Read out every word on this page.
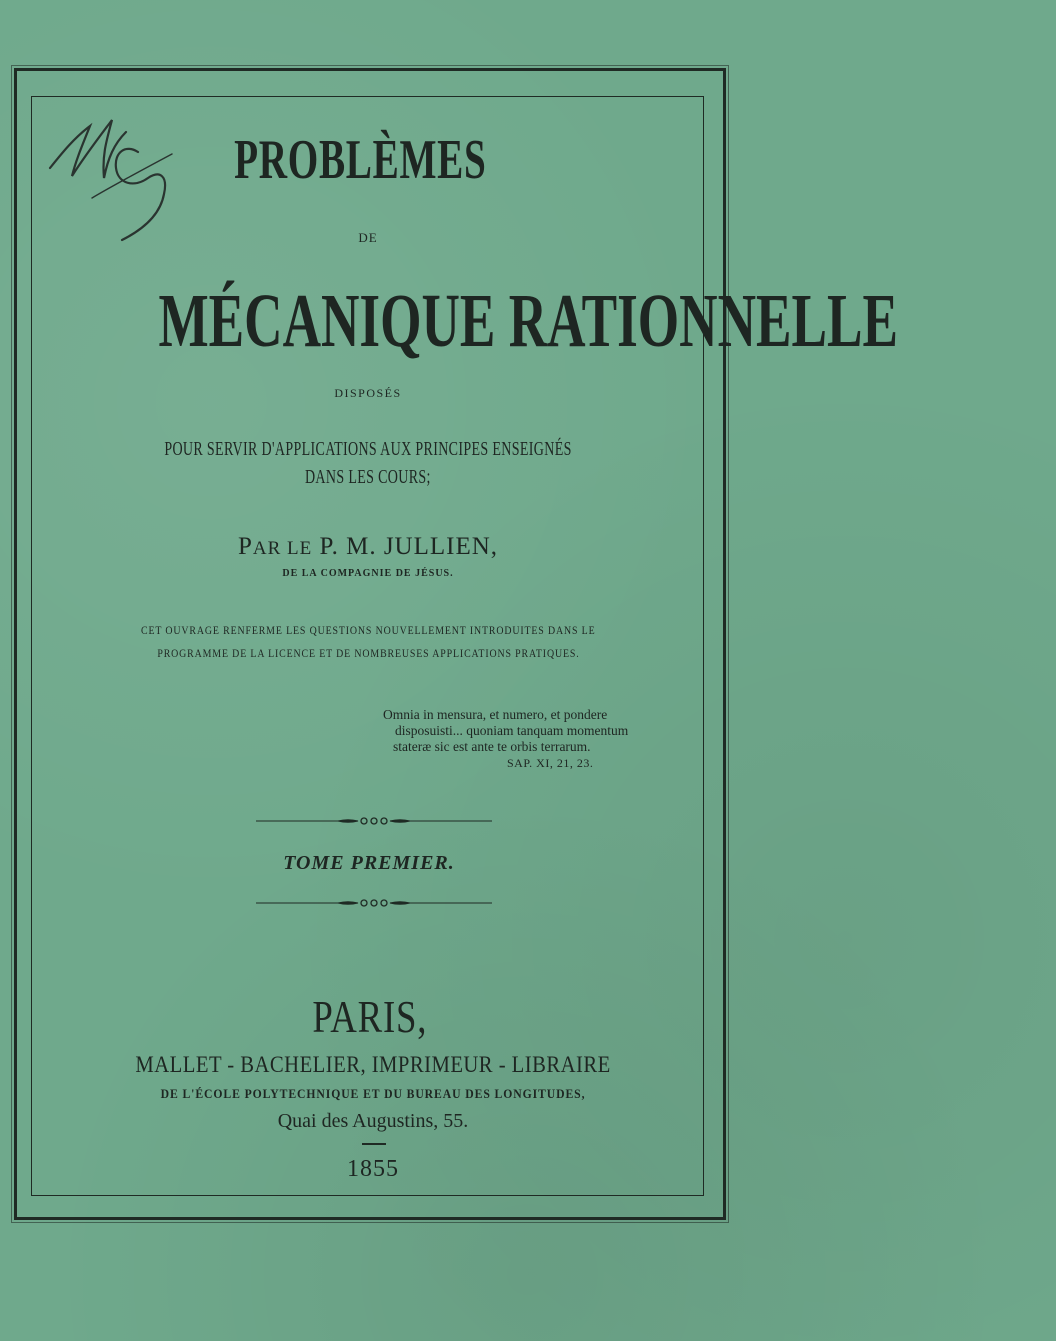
PROBLÈMES
DE
MÉCANIQUE RATIONNELLE
DISPOSÉS
POUR SERVIR D'APPLICATIONS AUX PRINCIPES ENSEIGNÉS
DANS LES COURS;
PAR LE P. M. JULLIEN,
DE LA COMPAGNIE DE JÉSUS.
CET OUVRAGE RENFERME LES QUESTIONS NOUVELLEMENT INTRODUITES DANS LE
PROGRAMME DE LA LICENCE ET DE NOMBREUSES APPLICATIONS PRATIQUES.
Omnia in mensura, et numero, et pondere
disposuisti... quoniam tanquam momentum
stateræ sic est ante te orbis terrarum.
SAP. XI, 21, 23.
TOME PREMIER.
PARIS,
MALLET - BACHELIER, IMPRIMEUR - LIBRAIRE
DE L'ÉCOLE POLYTECHNIQUE ET DU BUREAU DES LONGITUDES,
Quai des Augustins, 55.
1855
